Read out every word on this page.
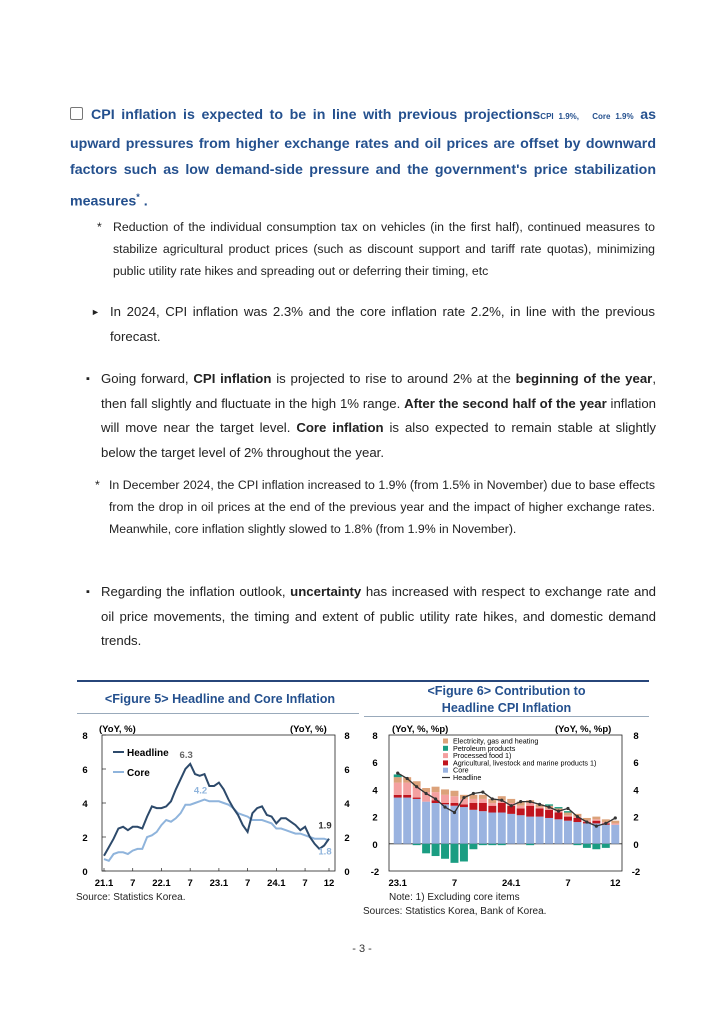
CPI inflation is expected to be in line with previous projectionsCPI 1.9%, Core 1.9% as upward pressures from higher exchange rates and oil prices are offset by downward factors such as low demand-side pressure and the government's price stabilization measures* .
* Reduction of the individual consumption tax on vehicles (in the first half), continued measures to stabilize agricultural product prices (such as discount support and tariff rate quotas), minimizing public utility rate hikes and spreading out or deferring their timing, etc
► In 2024, CPI inflation was 2.3% and the core inflation rate 2.2%, in line with the previous forecast.
▪ Going forward, CPI inflation is projected to rise to around 2% at the beginning of the year, then fall slightly and fluctuate in the high 1% range. After the second half of the year inflation will move near the target level. Core inflation is also expected to remain stable at slightly below the target level of 2% throughout the year.
* In December 2024, the CPI inflation increased to 1.9% (from 1.5% in November) due to base effects from the drop in oil prices at the end of the previous year and the impact of higher exchange rates. Meanwhile, core inflation slightly slowed to 1.8% (from 1.9% in November).
▪ Regarding the inflation outlook, uncertainty has increased with respect to exchange rate and oil price movements, the timing and extent of public utility rate hikes, and domestic demand trends.
<Figure 5> Headline and Core Inflation
<Figure 6> Contribution to
Headline CPI Inflation
0	0
2	2
4	4
6	6
8	8
(YoY, %)	(YoY, %)
21.1 7 22.1 7 23.1 7 24.1 7 12
Headline
Core
6.3
4.2
1.9
1.8
-2	-2
0	0
2	2
4	4
6	6
8	8
(YoY, %, %p)	(YoY, %, %p)
23.1	7	24.1	7	12
Electricity, gas and heating
Petroleum products
Processed food 1)
Agricultural, livestock and marine products 1)
Core
Headline
Source: Statistics Korea.	Note: 1) Excluding core items
Sources: Statistics Korea, Bank of Korea.
- 3 -
